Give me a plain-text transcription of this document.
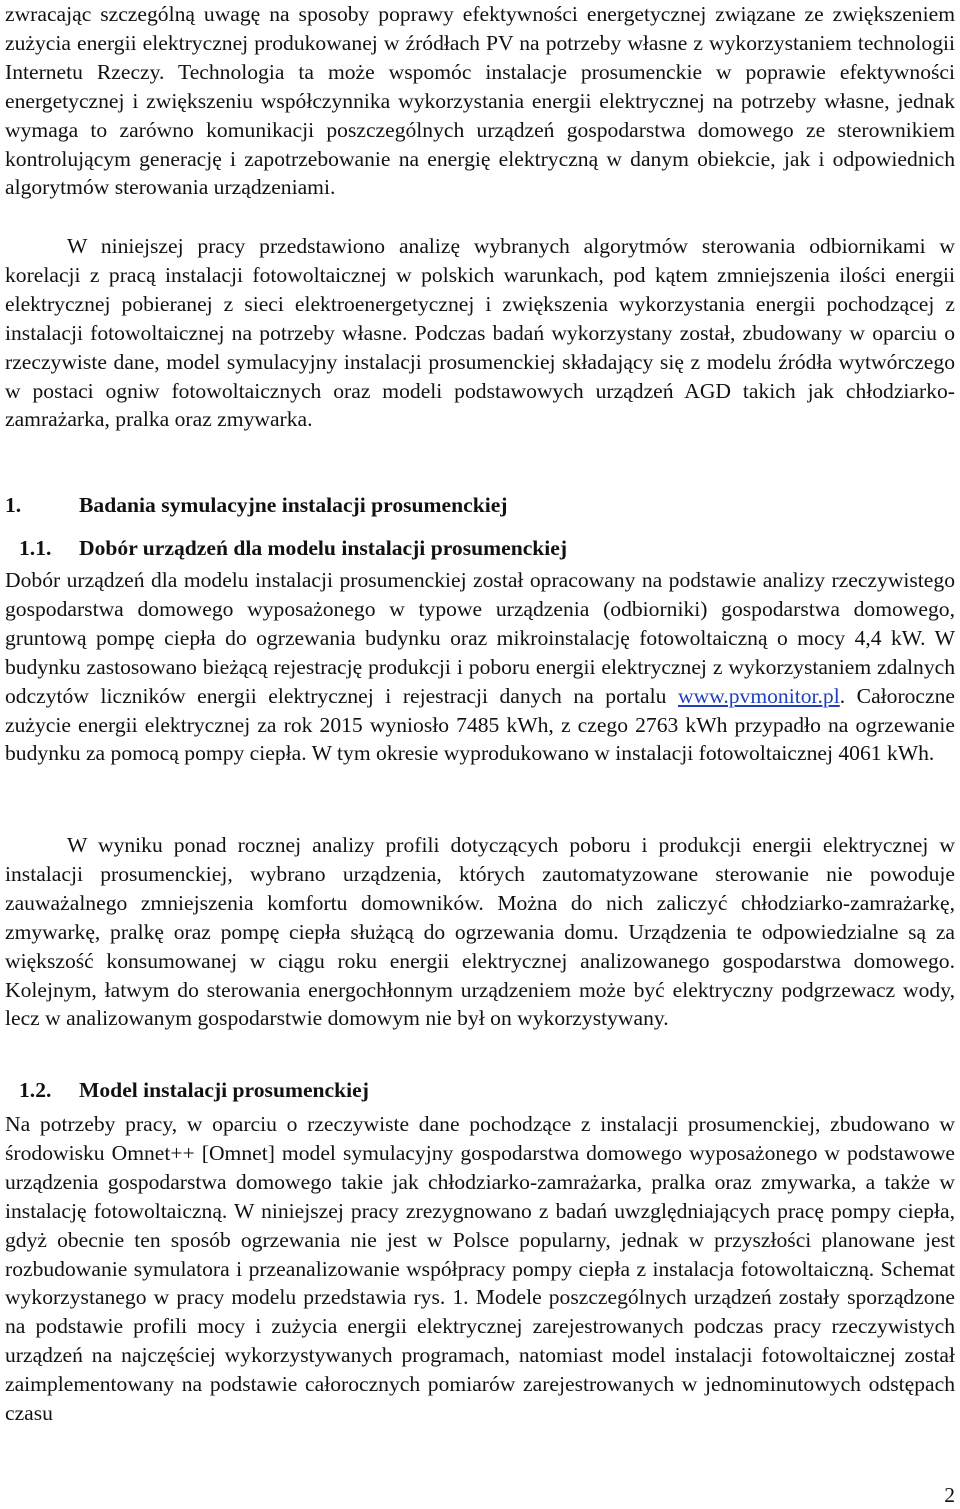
zwracając szczególną uwagę na sposoby poprawy efektywności energetycznej związane ze zwiększeniem zużycia energii elektrycznej produkowanej w źródłach PV na potrzeby własne z wykorzystaniem technologii Internetu Rzeczy. Technologia ta może wspomóc instalacje prosumenckie w poprawie efektywności energetycznej i zwiększeniu współczynnika wykorzystania energii elektrycznej na potrzeby własne, jednak wymaga to zarówno komunikacji poszczególnych urządzeń gospodarstwa domowego ze sterownikiem kontrolującym generację i zapotrzebowanie na energię elektryczną w danym obiekcie, jak i odpowiednich algorytmów sterowania urządzeniami.

W niniejszej pracy przedstawiono analizę wybranych algorytmów sterowania odbiornikami w korelacji z pracą instalacji fotowoltaicznej w polskich warunkach, pod kątem zmniejszenia ilości energii elektrycznej pobieranej z sieci elektroenergetycznej i zwiększenia wykorzystania energii pochodzącej z instalacji fotowoltaicznej na potrzeby własne. Podczas badań wykorzystany został, zbudowany w oparciu o rzeczywiste dane, model symulacyjny instalacji prosumenckiej składający się z modelu źródła wytwórczego w postaci ogniw fotowoltaicznych oraz modeli podstawowych urządzeń AGD takich jak chłodziarko-zamrażarka, pralka oraz zmywarka.

1.	Badania symulacyjne instalacji prosumenckiej
1.1. Dobór urządzeń dla modelu instalacji prosumenckiej

Dobór urządzeń dla modelu instalacji prosumenckiej został opracowany na podstawie analizy rzeczywistego gospodarstwa domowego wyposażonego w typowe urządzenia (odbiorniki) gospodarstwa domowego, gruntową pompę ciepła do ogrzewania budynku oraz mikroinstalację fotowoltaiczną o mocy 4,4 kW. W budynku zastosowano bieżącą rejestrację produkcji i poboru energii elektrycznej z wykorzystaniem zdalnych odczytów liczników energii elektrycznej i rejestracji danych na portalu www.pvmonitor.pl. Całoroczne zużycie energii elektrycznej za rok 2015 wyniosło 7485 kWh, z czego 2763 kWh przypadło na ogrzewanie budynku za pomocą pompy ciepła. W tym okresie wyprodukowano w instalacji fotowoltaicznej 4061 kWh.

W wyniku ponad rocznej analizy profili dotyczących poboru i produkcji energii elektrycznej w instalacji prosumenckiej, wybrano urządzenia, których zautomatyzowane sterowanie nie powoduje zauważalnego zmniejszenia komfortu domowników. Można do nich zaliczyć chłodziarko-zamrażarkę, zmywarkę, pralkę oraz pompę ciepła służącą do ogrzewania domu. Urządzenia te odpowiedzialne są za większość konsumowanej w ciągu roku energii elektrycznej analizowanego gospodarstwa domowego. Kolejnym, łatwym do sterowania energochłonnym urządzeniem może być elektryczny podgrzewacz wody, lecz w analizowanym gospodarstwie domowym nie był on wykorzystywany.

1.2. Model instalacji prosumenckiej

Na potrzeby pracy, w oparciu o rzeczywiste dane pochodzące z instalacji prosumenckiej, zbudowano w środowisku Omnet++ [Omnet] model symulacyjny gospodarstwa domowego wyposażonego w podstawowe urządzenia gospodarstwa domowego takie jak chłodziarko-zamrażarka, pralka oraz zmywarka, a także w instalację fotowoltaiczną. W niniejszej pracy zrezygnowano z badań uwzględniających pracę pompy ciepła, gdyż obecnie ten sposób ogrzewania nie jest w Polsce popularny, jednak w przyszłości planowane jest rozbudowanie symulatora i przeanalizowanie współpracy pompy ciepła z instalacja fotowoltaiczną. Schemat wykorzystanego w pracy modelu przedstawia rys. 1. Modele poszczególnych urządzeń zostały sporządzone na podstawie profili mocy i zużycia energii elektrycznej zarejestrowanych podczas pracy rzeczywistych urządzeń na najczęściej wykorzystywanych programach, natomiast model instalacji fotowoltaicznej został zaimplementowany na podstawie całorocznych pomiarów zarejestrowanych w jednominutowych odstępach czasu

2
